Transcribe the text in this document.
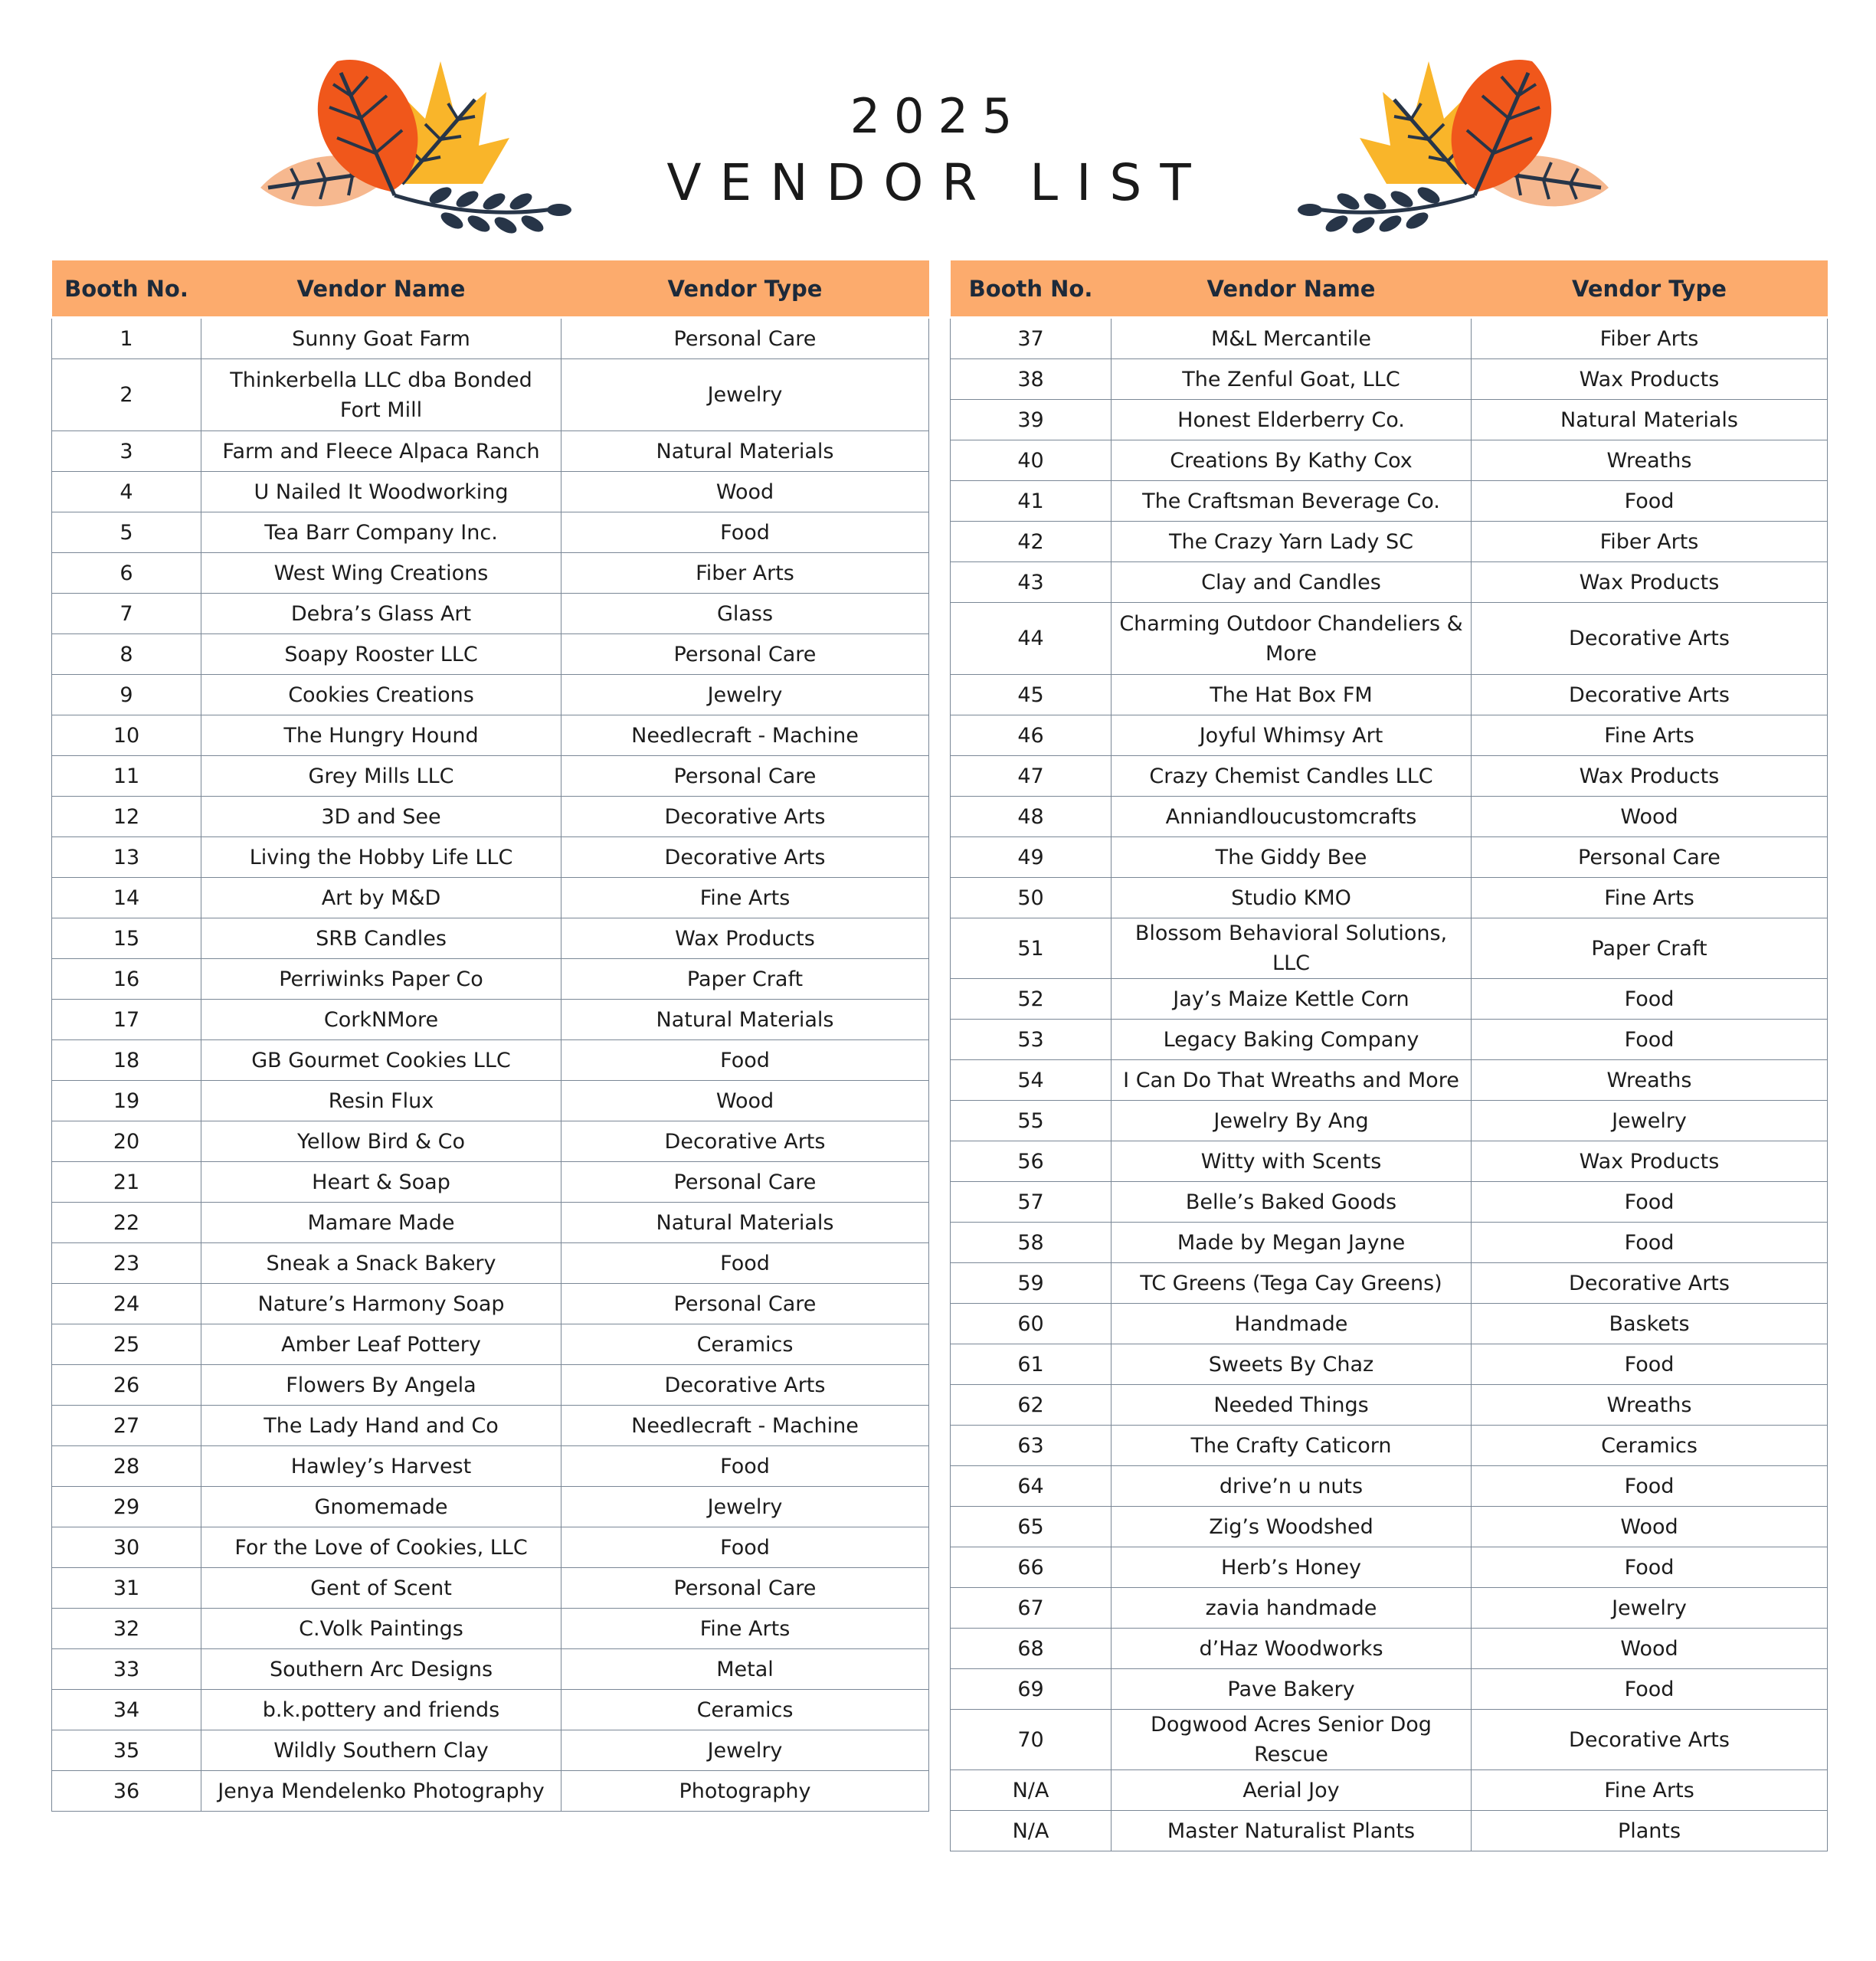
2025
VENDOR LIST
Booth No.	Vendor Name	Vendor Type
1	Sunny Goat Farm	Personal Care
2	Thinkerbella LLC dba Bonded Fort Mill	Jewelry
3	Farm and Fleece Alpaca Ranch	Natural Materials
4	U Nailed It Woodworking	Wood
5	Tea Barr Company Inc.	Food
6	West Wing Creations	Fiber Arts
7	Debra’s Glass Art	Glass
8	Soapy Rooster LLC	Personal Care
9	Cookies Creations	Jewelry
10	The Hungry Hound	Needlecraft - Machine
11	Grey Mills LLC	Personal Care
12	3D and See	Decorative Arts
13	Living the Hobby Life LLC	Decorative Arts
14	Art by M&D	Fine Arts
15	SRB Candles	Wax Products
16	Perriwinks Paper Co	Paper Craft
17	CorkNMore	Natural Materials
18	GB Gourmet Cookies LLC	Food
19	Resin Flux	Wood
20	Yellow Bird & Co	Decorative Arts
21	Heart & Soap	Personal Care
22	Mamare Made	Natural Materials
23	Sneak a Snack Bakery	Food
24	Nature’s Harmony Soap	Personal Care
25	Amber Leaf Pottery	Ceramics
26	Flowers By Angela	Decorative Arts
27	The Lady Hand and Co	Needlecraft - Machine
28	Hawley’s Harvest	Food
29	Gnomemade	Jewelry
30	For the Love of Cookies, LLC	Food
31	Gent of Scent	Personal Care
32	C.Volk Paintings	Fine Arts
33	Southern Arc Designs	Metal
34	b.k.pottery and friends	Ceramics
35	Wildly Southern Clay	Jewelry
36	Jenya Mendelenko Photography	Photography
Booth No.	Vendor Name	Vendor Type
37	M&L Mercantile	Fiber Arts
38	The Zenful Goat, LLC	Wax Products
39	Honest Elderberry Co.	Natural Materials
40	Creations By Kathy Cox	Wreaths
41	The Craftsman Beverage Co.	Food
42	The Crazy Yarn Lady SC	Fiber Arts
43	Clay and Candles	Wax Products
44	Charming Outdoor Chandeliers & More	Decorative Arts
45	The Hat Box FM	Decorative Arts
46	Joyful Whimsy Art	Fine Arts
47	Crazy Chemist Candles LLC	Wax Products
48	Anniandloucustomcrafts	Wood
49	The Giddy Bee	Personal Care
50	Studio KMO	Fine Arts
51	Blossom Behavioral Solutions, LLC	Paper Craft
52	Jay’s Maize Kettle Corn	Food
53	Legacy Baking Company	Food
54	I Can Do That Wreaths and More	Wreaths
55	Jewelry By Ang	Jewelry
56	Witty with Scents	Wax Products
57	Belle’s Baked Goods	Food
58	Made by Megan Jayne	Food
59	TC Greens (Tega Cay Greens)	Decorative Arts
60	Handmade	Baskets
61	Sweets By Chaz	Food
62	Needed Things	Wreaths
63	The Crafty Caticorn	Ceramics
64	drive’n u nuts	Food
65	Zig’s Woodshed	Wood
66	Herb’s Honey	Food
67	zavia handmade	Jewelry
68	d’Haz Woodworks	Wood
69	Pave Bakery	Food
70	Dogwood Acres Senior Dog Rescue	Decorative Arts
N/A	Aerial Joy	Fine Arts
N/A	Master Naturalist Plants	Plants
